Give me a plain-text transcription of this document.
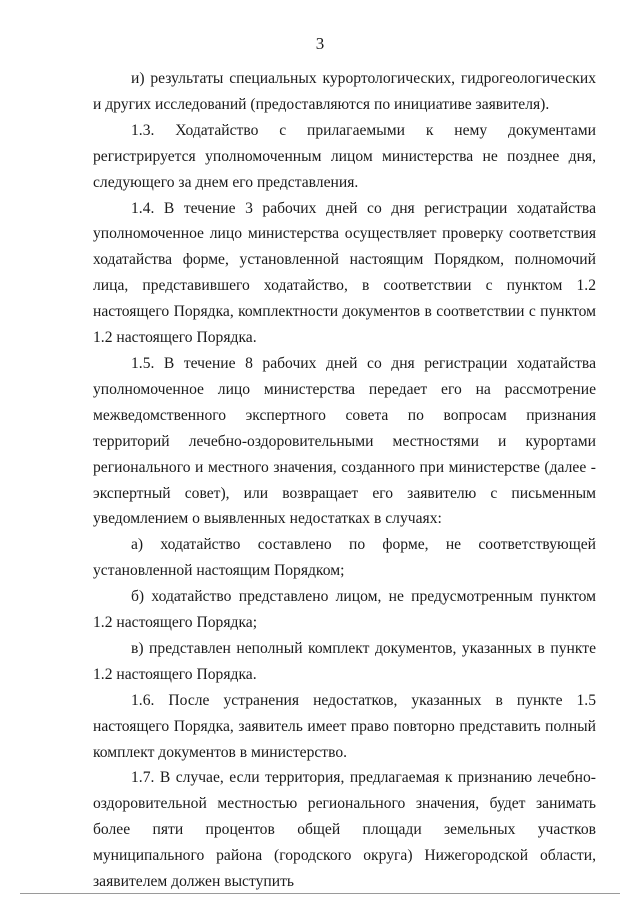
3

и) результаты специальных курортологических, гидрогеологических и других исследований (предоставляются по инициативе заявителя).

1.3. Ходатайство с прилагаемыми к нему документами регистрируется уполномоченным лицом министерства не позднее дня, следующего за днем его представления.

1.4. В течение 3 рабочих дней со дня регистрации ходатайства уполномоченное лицо министерства осуществляет проверку соответствия ходатайства форме, установленной настоящим Порядком, полномочий лица, представившего ходатайство, в соответствии с пунктом 1.2 настоящего Порядка, комплектности документов в соответствии с пунктом 1.2 настоящего Порядка.

1.5. В течение 8 рабочих дней со дня регистрации ходатайства уполномоченное лицо министерства передает его на рассмотрение межведомственного экспертного совета по вопросам признания территорий лечебно-оздоровительными местностями и курортами регионального и местного значения, созданного при министерстве (далее - экспертный совет), или возвращает его заявителю с письменным уведомлением о выявленных недостатках в случаях:

а) ходатайство составлено по форме, не соответствующей установленной настоящим Порядком;

б) ходатайство представлено лицом, не предусмотренным пунктом 1.2 настоящего Порядка;

в) представлен неполный комплект документов, указанных в пункте 1.2 настоящего Порядка.

1.6. После устранения недостатков, указанных в пункте 1.5 настоящего Порядка, заявитель имеет право повторно представить полный комплект документов в министерство.

1.7. В случае, если территория, предлагаемая к признанию лечебно-оздоровительной местностью регионального значения, будет занимать более пяти процентов общей площади земельных участков муниципального района (городского округа) Нижегородской области, заявителем должен выступить
